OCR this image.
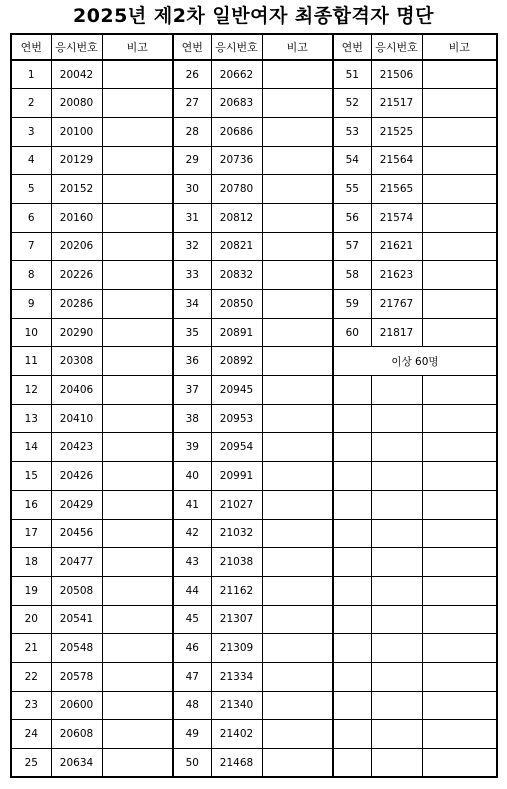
2025년 제2차 일반여자 최종합격자 명단
연번	응시번호	비고	연번	응시번호	비고	연번	응시번호	비고
1	20042		26	20662		51	21506	
2	20080		27	20683		52	21517	
3	20100		28	20686		53	21525	
4	20129		29	20736		54	21564	
5	20152		30	20780		55	21565	
6	20160		31	20812		56	21574	
7	20206		32	20821		57	21621	
8	20226		33	20832		58	21623	
9	20286		34	20850		59	21767	
10	20290		35	20891		60	21817	
11	20308		36	20892		이상 60명		
12	20406		37	20945				
13	20410		38	20953				
14	20423		39	20954				
15	20426		40	20991				
16	20429		41	21027				
17	20456		42	21032				
18	20477		43	21038				
19	20508		44	21162				
20	20541		45	21307				
21	20548		46	21309				
22	20578		47	21334				
23	20600		48	21340				
24	20608		49	21402				
25	20634		50	21468				
